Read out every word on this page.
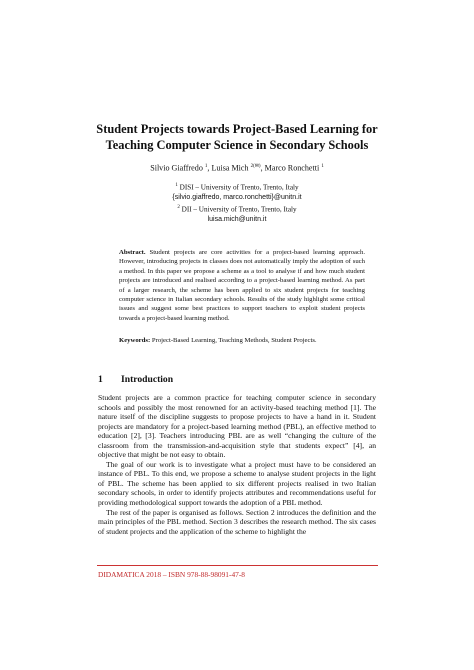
Student Projects towards Project-Based Learning for
Teaching Computer Science in Secondary Schools
Silvio Giaffredo $^1$, Luisa Mich $^{2(✉)}$, Marco Ronchetti $^1$
$^1$ DISI – University of Trento, Trento, Italy
{silvio.giaffredo, marco.ronchetti}@unitn.it
$^2$ DII – University of Trento, Trento, Italy
luisa.mich@unitn.it
Abstract. Student projects are core activities for a project-based learning approach. However, introducing projects in classes does not automatically imply the adoption of such a method. In this paper we propose a scheme as a tool to analyse if and how much student projects are introduced and realised according to a project-based learning method. As part of a larger research, the scheme has been applied to six student projects for teaching computer science in Italian secondary schools. Results of the study highlight some critical issues and suggest some best practices to support teachers to exploit student projects towards a project-based learning method.
Keywords: Project-Based Learning, Teaching Methods, Student Projects.
1 Introduction

Student projects are a common practice for teaching computer science in secondary schools and possibly the most renowned for an activity-based teaching method [1]. The nature itself of the discipline suggests to propose projects to have a hand in it. Student projects are mandatory for a project-based learning method (PBL), an effective method to education [2], [3]. Teachers introducing PBL are as well “changing the culture of the classroom from the transmission-and-acquisition style that students expect” [4], an objective that might be not easy to obtain.

The goal of our work is to investigate what a project must have to be considered an instance of PBL. To this end, we propose a scheme to analyse student projects in the light of PBL. The scheme has been applied to six different projects realised in two Italian secondary schools, in order to identify projects attributes and recommendations useful for providing methodological support towards the adoption of a PBL method.

The rest of the paper is organised as follows. Section 2 introduces the definition and the main principles of the PBL method. Section 3 describes the research method. The six cases of student projects and the application of the scheme to highlight the

DIDAMATICA 2018 – ISBN 978-88-98091-47-8
